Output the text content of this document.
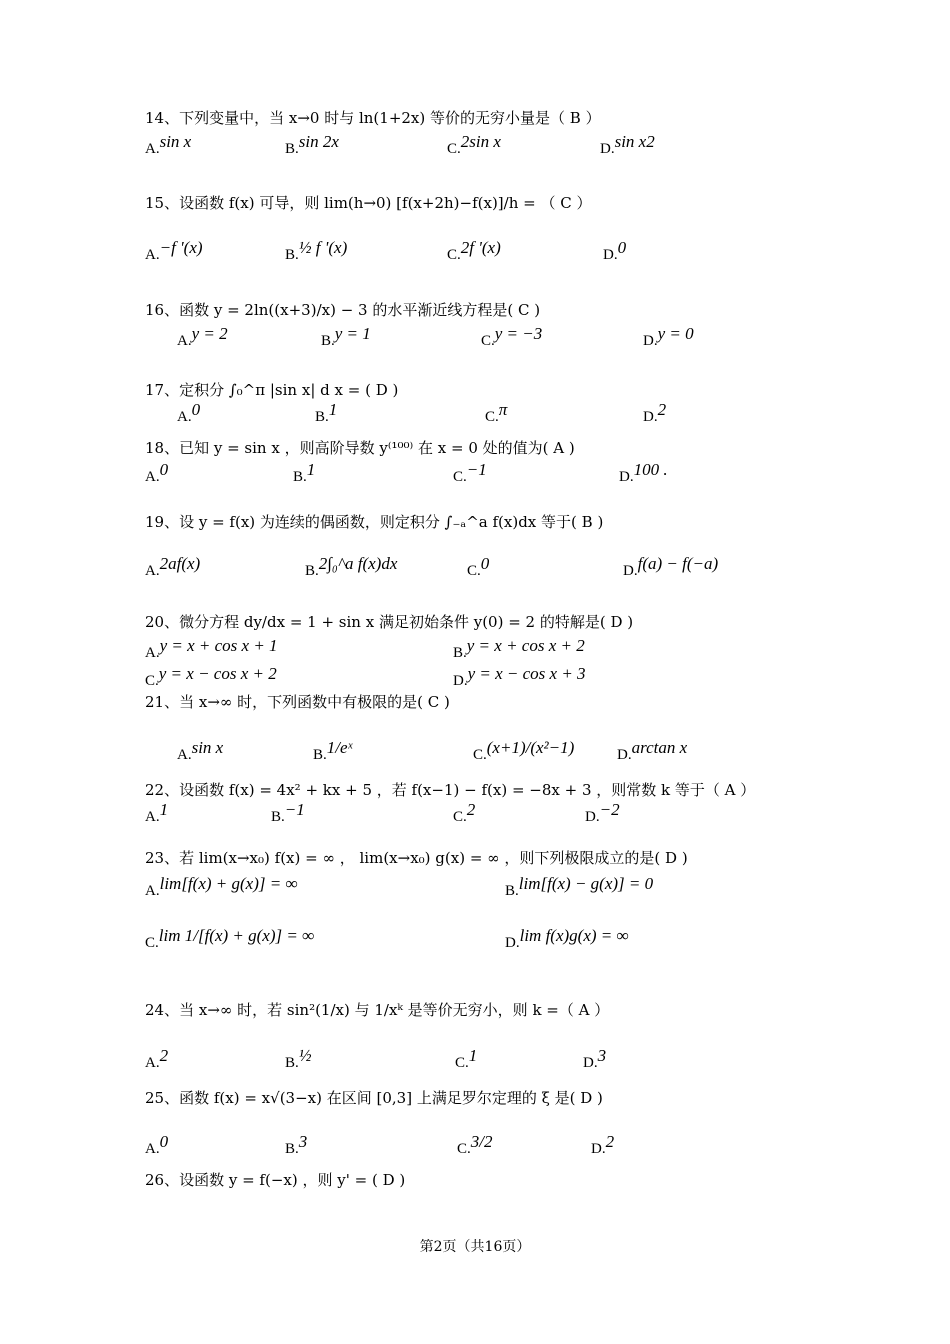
14、下列变量中，当 x→0 时与 ln(1+2x) 等价的无穷小量是（ B ）
A.sin x	B.sin 2x	C.2sin x	D.sin x2
15、设函数 f(x) 可导，则 lim(h→0) [f(x+2h)−f(x)]/h = （ C ）
A.−f '(x)	B.½ f '(x)	C.2f '(x)	D.0
16、函数 y = 2ln((x+3)/x) − 3 的水平渐近线方程是( C )
A.y = 2	B.y = 1	C.y = −3	D.y = 0
17、定积分 ∫₀^π |sin x| d x = ( D )
A.0	B.1	C.π	D.2
18、已知 y = sin x ，则高阶导数 y⁽¹⁰⁰⁾ 在 x = 0 处的值为( A )
A.0	B.1	C.−1	D.100 .
19、设 y = f(x) 为连续的偶函数，则定积分 ∫₋ₐ^a f(x)dx 等于( B )
A.2af(x)	B.2∫₀^a f(x)dx	C.0	D.f(a) − f(−a)
20、微分方程 dy/dx = 1 + sin x 满足初始条件 y(0) = 2 的特解是( D )
A.y = x + cos x + 1	B.y = x + cos x + 2
C.y = x − cos x + 2	D.y = x − cos x + 3
21、当 x→∞ 时，下列函数中有极限的是( C )
A.sin x	B.1/eˣ	C.(x+1)/(x²−1)	D.arctan x
22、设函数 f(x) = 4x² + kx + 5 ，若 f(x−1) − f(x) = −8x + 3 ，则常数 k 等于（ A ）
A.1	B.−1	C.2	D.−2
23、若 lim(x→x₀) f(x) = ∞ ， lim(x→x₀) g(x) = ∞ ，则下列极限成立的是( D )
A.lim[f(x) + g(x)] = ∞	B.lim[f(x) − g(x)] = 0
C.lim 1/[f(x) + g(x)] = ∞	D.lim f(x)g(x) = ∞
24、当 x→∞ 时，若 sin²(1/x) 与 1/xᵏ 是等价无穷小，则 k =（ A ）
A.2	B.½	C.1	D.3
25、函数 f(x) = x√(3−x) 在区间 [0,3] 上满足罗尔定理的 ξ 是( D )
A.0	B.3	C.3/2	D.2
26、设函数 y = f(−x) ，则 y' = ( D )
第2页（共16页）
